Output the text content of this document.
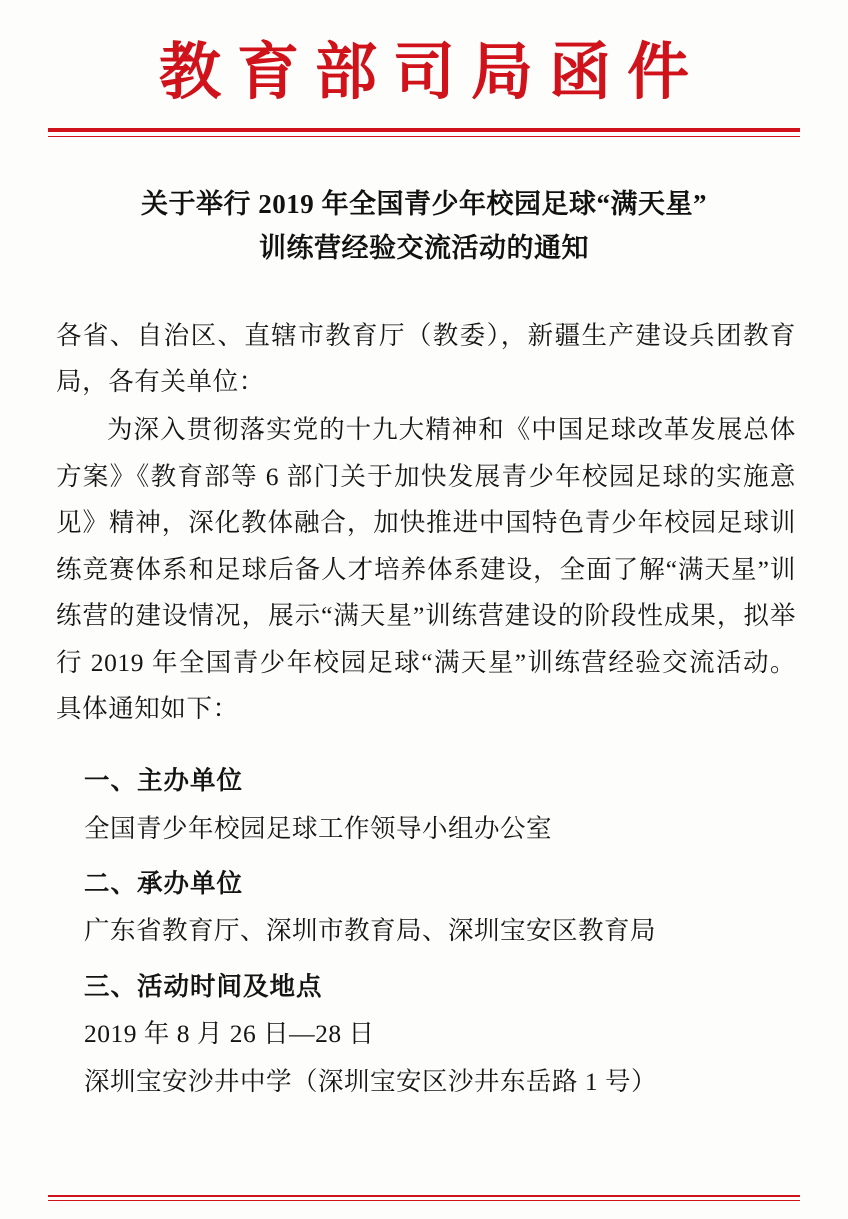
教育部司局函件
关于举行 2019 年全国青少年校园足球“满天星”
训练营经验交流活动的通知

各省、自治区、直辖市教育厅（教委），新疆生产建设兵团教育局，各有关单位：

为深入贯彻落实党的十九大精神和《中国足球改革发展总体方案》《教育部等 6 部门关于加快发展青少年校园足球的实施意见》精神，深化教体融合，加快推进中国特色青少年校园足球训练竞赛体系和足球后备人才培养体系建设，全面了解“满天星”训练营的建设情况，展示“满天星”训练营建设的阶段性成果，拟举行 2019 年全国青少年校园足球“满天星”训练营经验交流活动。具体通知如下：

一、主办单位
全国青少年校园足球工作领导小组办公室
二、承办单位
广东省教育厅、深圳市教育局、深圳宝安区教育局
三、活动时间及地点
2019 年 8 月 26 日—28 日
深圳宝安沙井中学（深圳宝安区沙井东岳路 1 号）
